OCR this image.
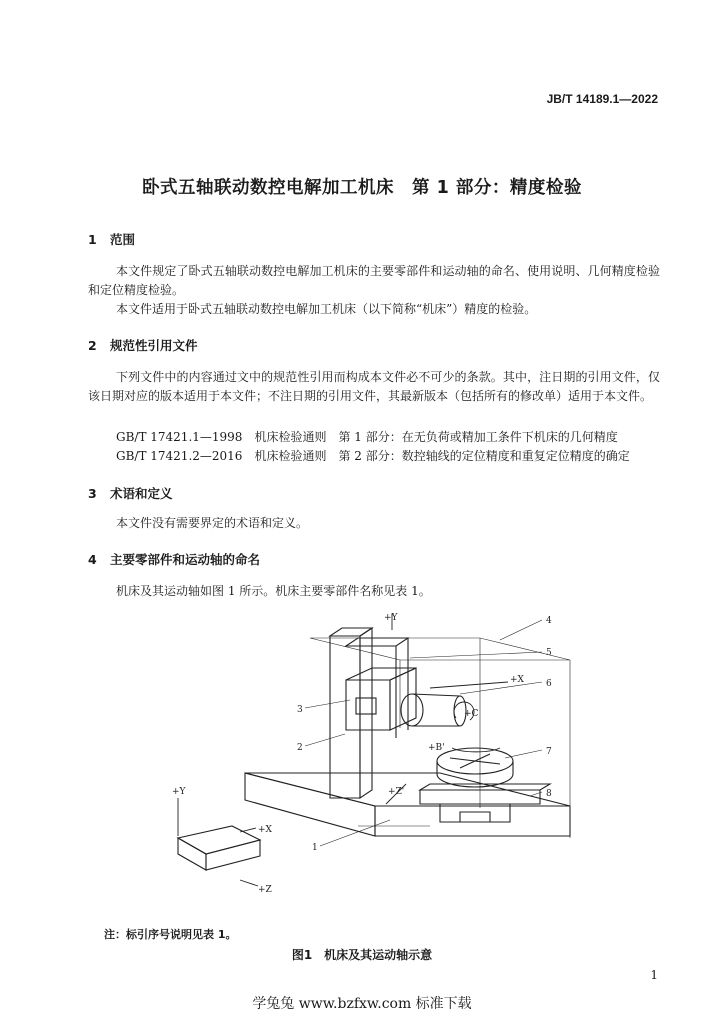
JB/T 14189.1—2022
卧式五轴联动数控电解加工机床　第 1 部分：精度检验
1 范围
本文件规定了卧式五轴联动数控电解加工机床的主要零部件和运动轴的命名、使用说明、几何精度检验和定位精度检验。
本文件适用于卧式五轴联动数控电解加工机床（以下简称“机床”）精度的检验。
2 规范性引用文件
下列文件中的内容通过文中的规范性引用而构成本文件必不可少的条款。其中，注日期的引用文件，仅该日期对应的版本适用于本文件；不注日期的引用文件，其最新版本（包括所有的修改单）适用于本文件。
GB/T 17421.1—1998 机床检验通则 第 1 部分：在无负荷或精加工条件下机床的几何精度
GB/T 17421.2—2016 机床检验通则 第 2 部分：数控轴线的定位精度和重复定位精度的确定
3 术语和定义
本文件没有需要界定的术语和定义。
4 主要零部件和运动轴的命名
机床及其运动轴如图 1 所示。机床主要零部件名称见表 1。
+Y
+X
+C
+B'
+Z'
+Y
+X
+Z
1
2
3
4
5
6
7
8
注：标引序号说明见表 1。
图1　机床及其运动轴示意
1
学兔兔 www.bzfxw.com 标准下载
